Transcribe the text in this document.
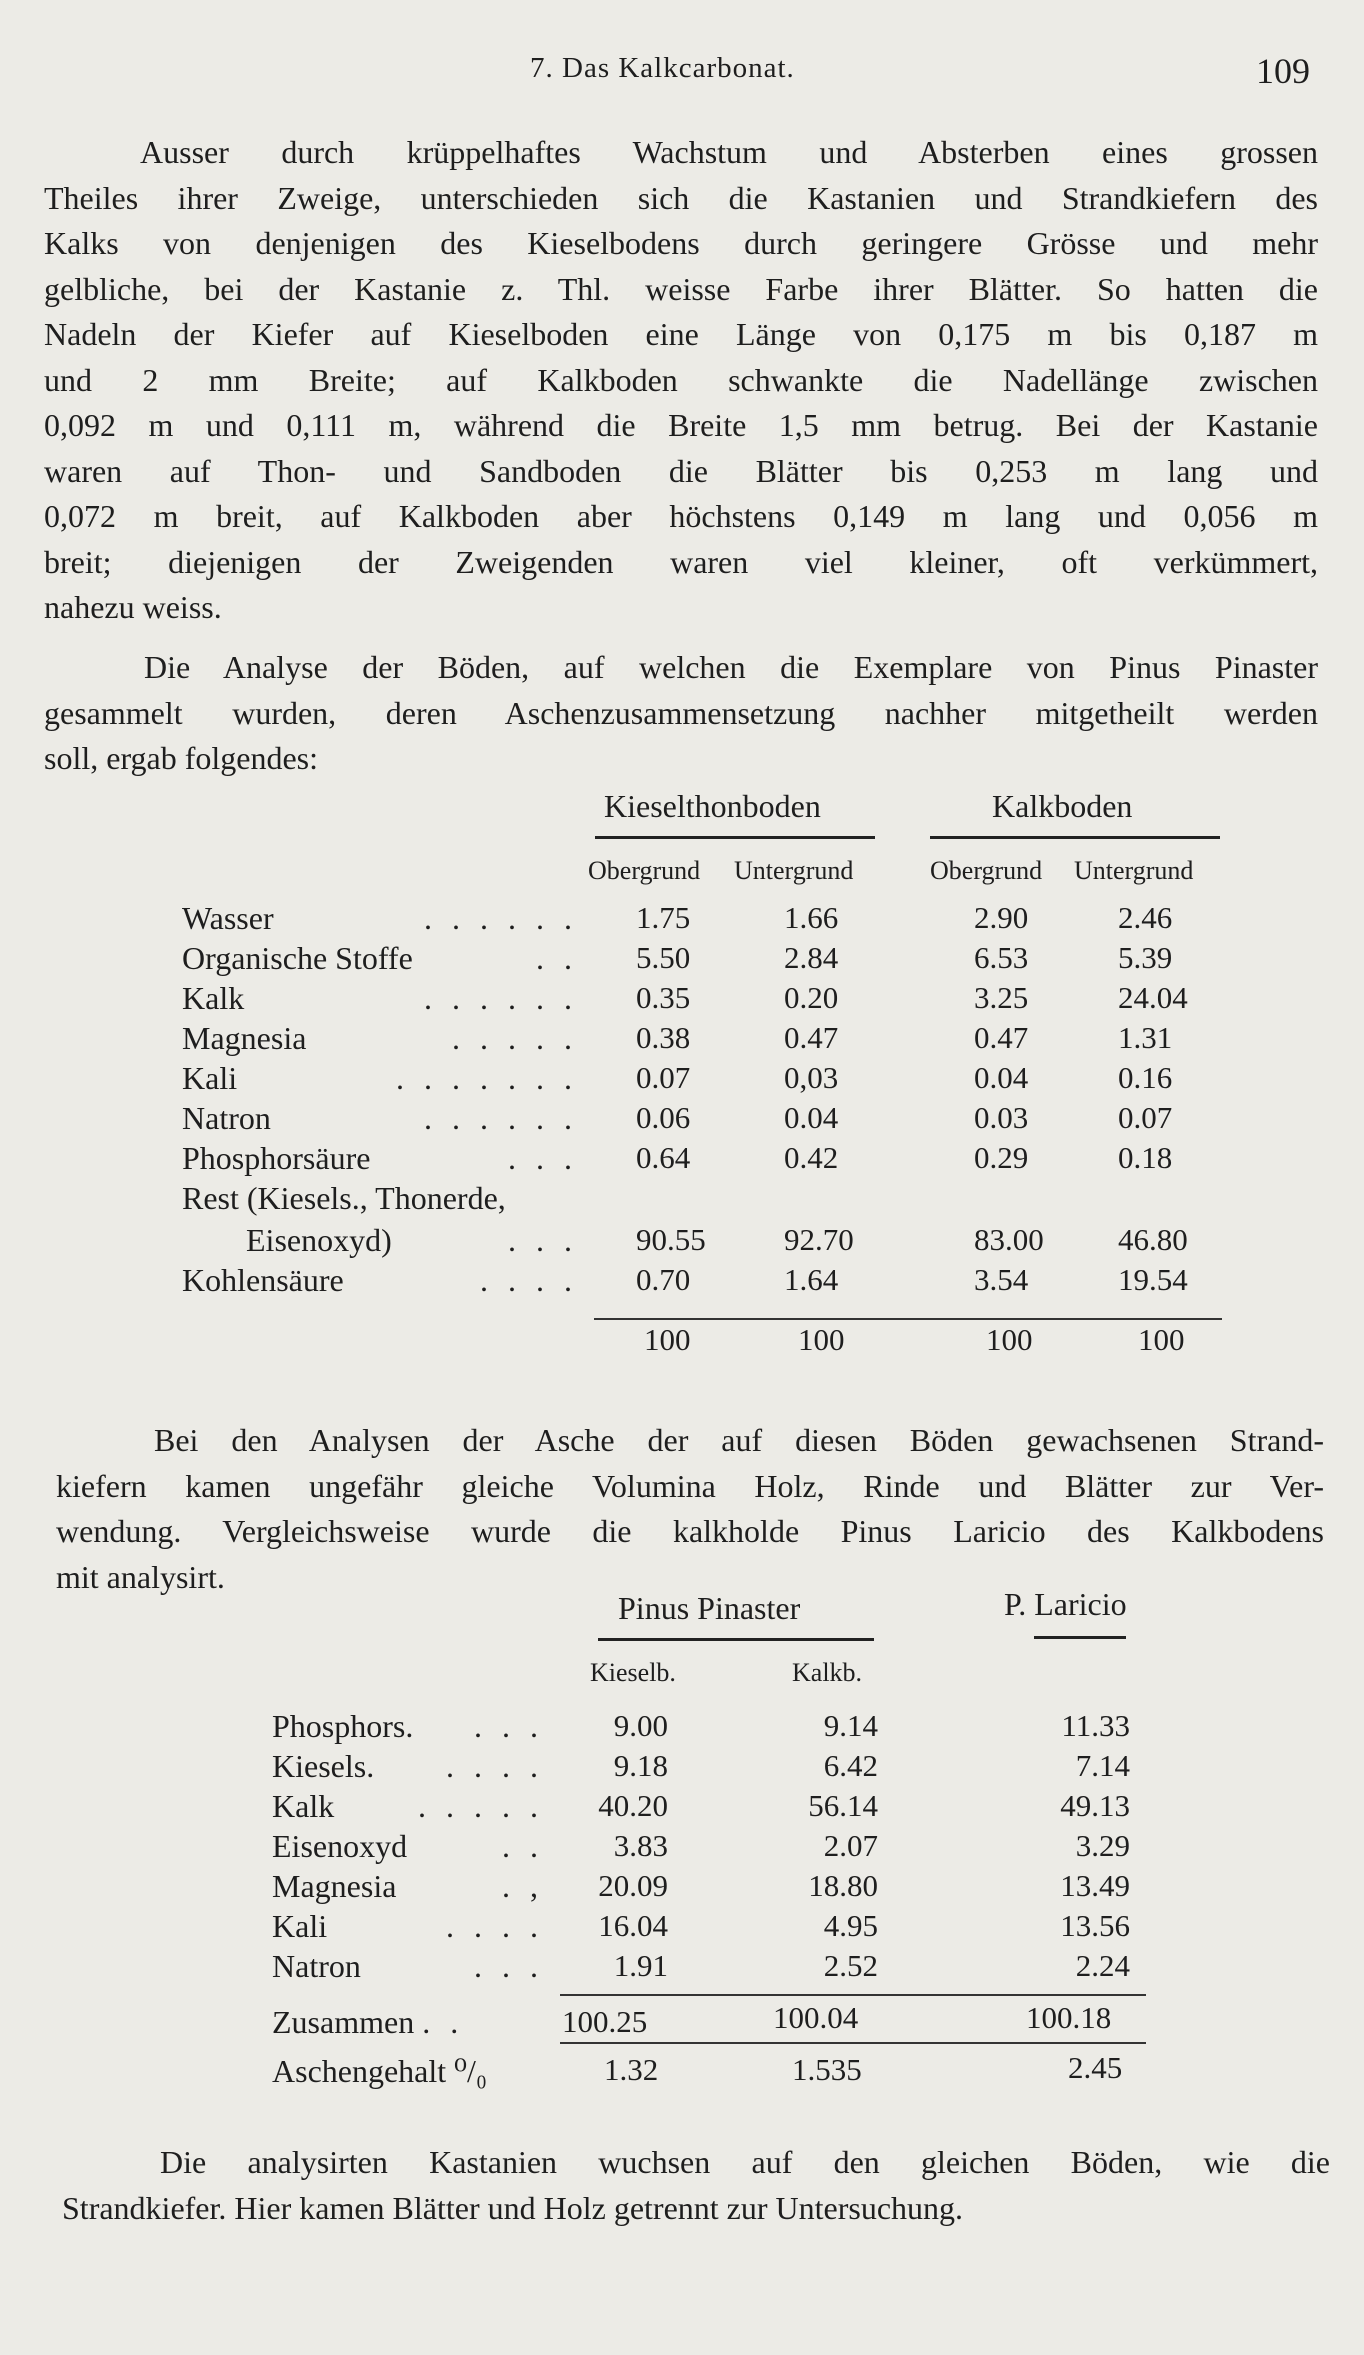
7. Das Kalkcarbonat.	109
Ausser durch krüppelhaftes Wachstum und Absterben eines grossen
Theiles ihrer Zweige, unterschieden sich die Kastanien und Strandkiefern des
Kalks von denjenigen des Kieselbodens durch geringere Grösse und mehr
gelbliche, bei der Kastanie z. Thl. weisse Farbe ihrer Blätter. So hatten die
Nadeln der Kiefer auf Kieselboden eine Länge von 0,175 m bis 0,187 m
und 2 mm Breite; auf Kalkboden schwankte die Nadellänge zwischen
0,092 m und 0,111 m, während die Breite 1,5 mm betrug. Bei der Kastanie
waren auf Thon- und Sandboden die Blätter bis 0,253 m lang und
0,072 m breit, auf Kalkboden aber höchstens 0,149 m lang und 0,056 m
breit; diejenigen der Zweigenden waren viel kleiner, oft verkümmert,
nahezu weiss.
Die Analyse der Böden, auf welchen die Exemplare von Pinus Pinaster
gesammelt wurden, deren Aschenzusammensetzung nachher mitgetheilt werden
soll, ergab folgendes:
Kieselthonboden	Kalkboden
Obergrund Untergrund	Obergrund Untergrund
Wasser	. . . . . . 1.75	1.66	2.90	2.46
Organische Stoffe	. . 5.50	2.84	6.53	5.39
Kalk	. . . . . . 0.35	0.20	3.25	24.04
Magnesia	. . . . . 0.38	0.47	0.47	1.31
Kali	. . . . . . . 0.07	0,03	0.04	0.16
Natron	. . . . . . 0.06	0.04	0.03	0.07
Phosphorsäure	. . . 0.64	0.42	0.29	0.18
Rest (Kiesels., Thonerde,
Eisenoxyd)	. . . 90.55	92.70	83.00 46.80
Kohlensäure	. . . . 0.70	1.64	3.54	19.54
100	100	100	100
Bei den Analysen der Asche der auf diesen Böden gewachsenen Strand-
kiefern kamen ungefähr gleiche Volumina Holz, Rinde und Blätter zur Ver-
wendung. Vergleichsweise wurde die kalkholde Pinus Laricio des Kalkbodens
mit analysirt.
Pinus Pinaster	P. Laricio
Kieselb.	Kalkb.
Phosphors. . . . 9.00	9.14	11.33
Kiesels. . . . . 9.18	6.42	7.14
Kalk	. . . . . 40.20	56.14	49.13
Eisenoxyd	. . 3.83	2.07	3.29
Magnesia	. , 20.09	18.80	13.49
Kali	. . . . 16.04	4.95	13.56
Natron	. . . 1.91	2.52	2.24
Zusammen . .	100.25	100.04	100.18
Aschengehalt ⁰/₀	1.32	1.535	2.45
Die analysirten Kastanien wuchsen auf den gleichen Böden, wie die
Strandkiefer. Hier kamen Blätter und Holz getrennt zur Untersuchung.
